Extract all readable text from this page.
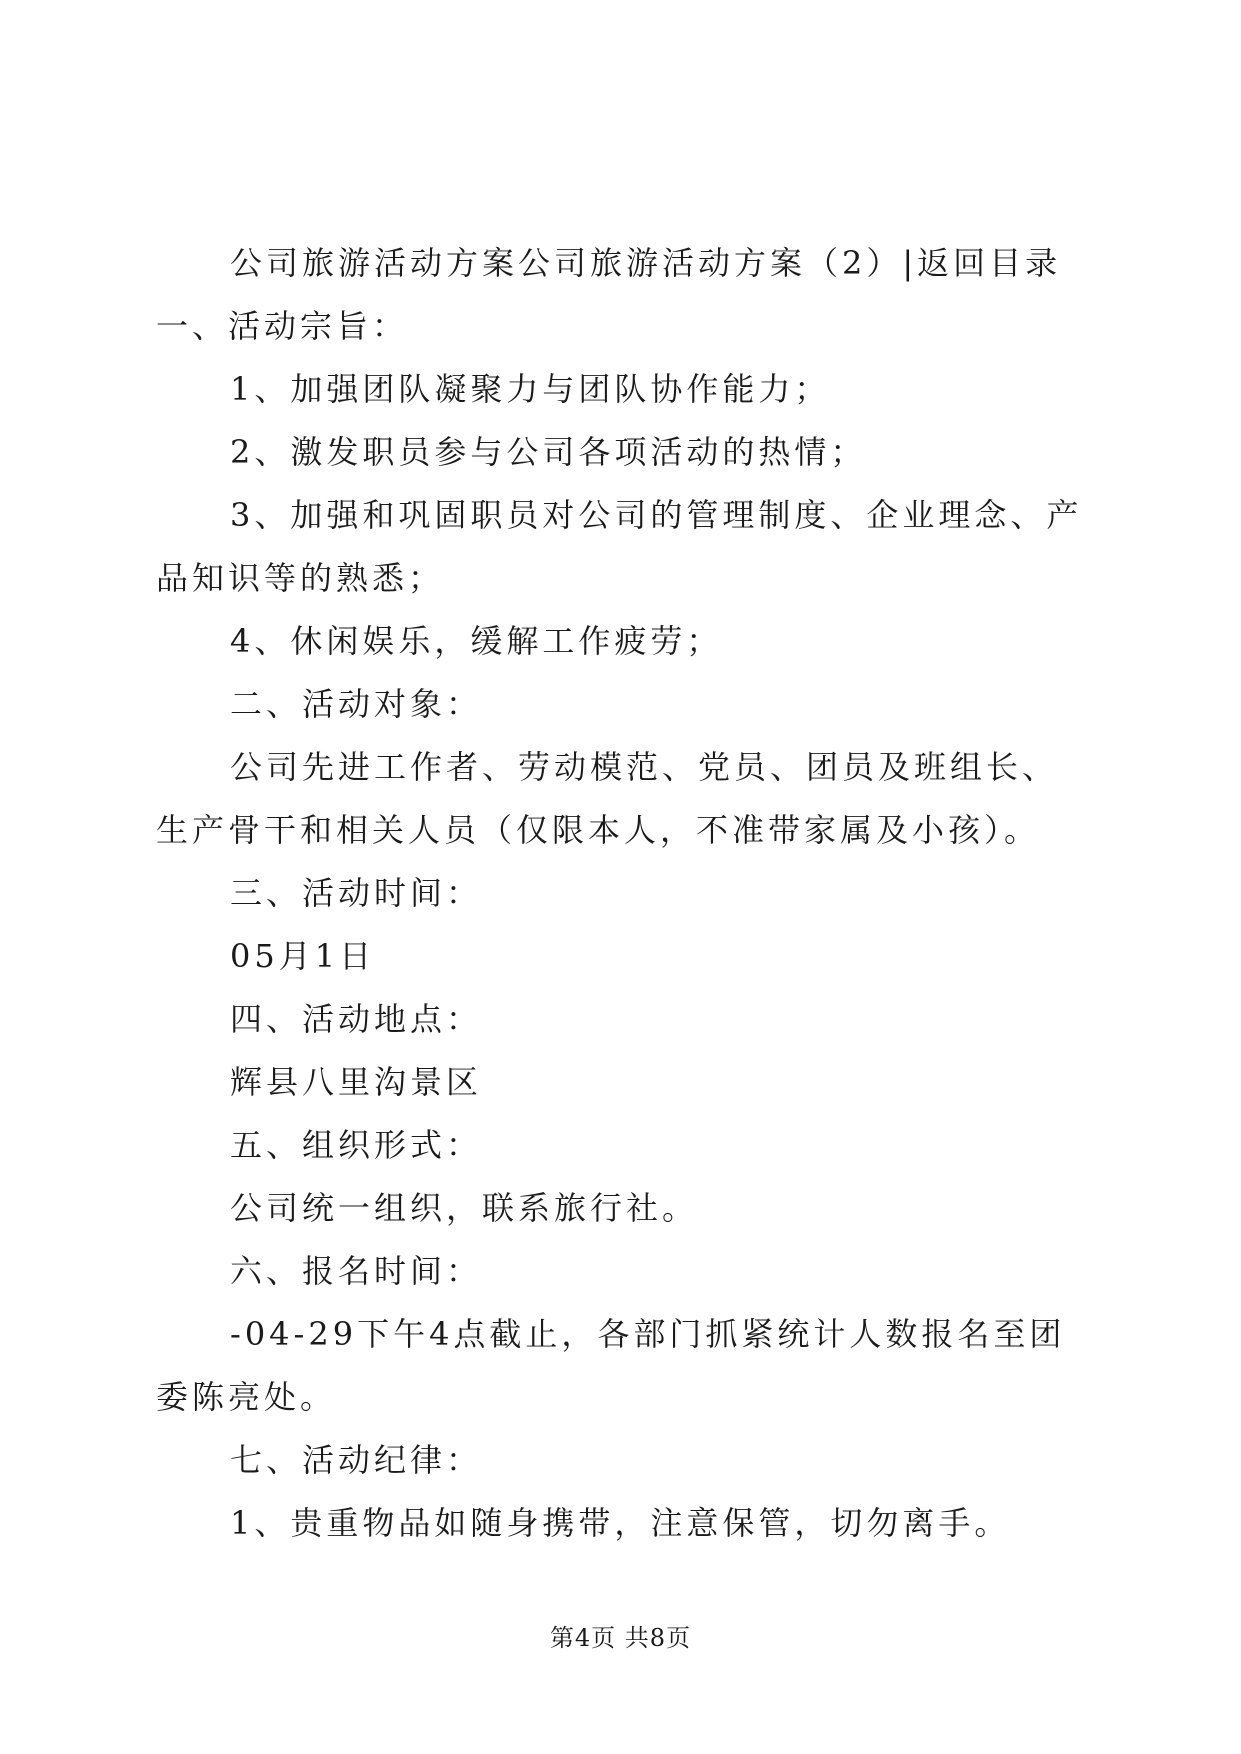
公司旅游活动方案公司旅游活动方案（2）|返回目录一、活动宗旨：

1、加强团队凝聚力与团队协作能力；

2、激发职员参与公司各项活动的热情；

3、加强和巩固职员对公司的管理制度、企业理念、产品知识等的熟悉；

4、休闲娱乐，缓解工作疲劳；

二、活动对象：

公司先进工作者、劳动模范、党员、团员及班组长、生产骨干和相关人员（仅限本人，不准带家属及小孩）。

三、活动时间：

05月1日

四、活动地点：

辉县八里沟景区

五、组织形式：

公司统一组织，联系旅行社。

六、报名时间：

-04-29下午4点截止，各部门抓紧统计人数报名至团委陈亮处。

七、活动纪律：

1、贵重物品如随身携带，注意保管，切勿离手。

第4页 共8页
